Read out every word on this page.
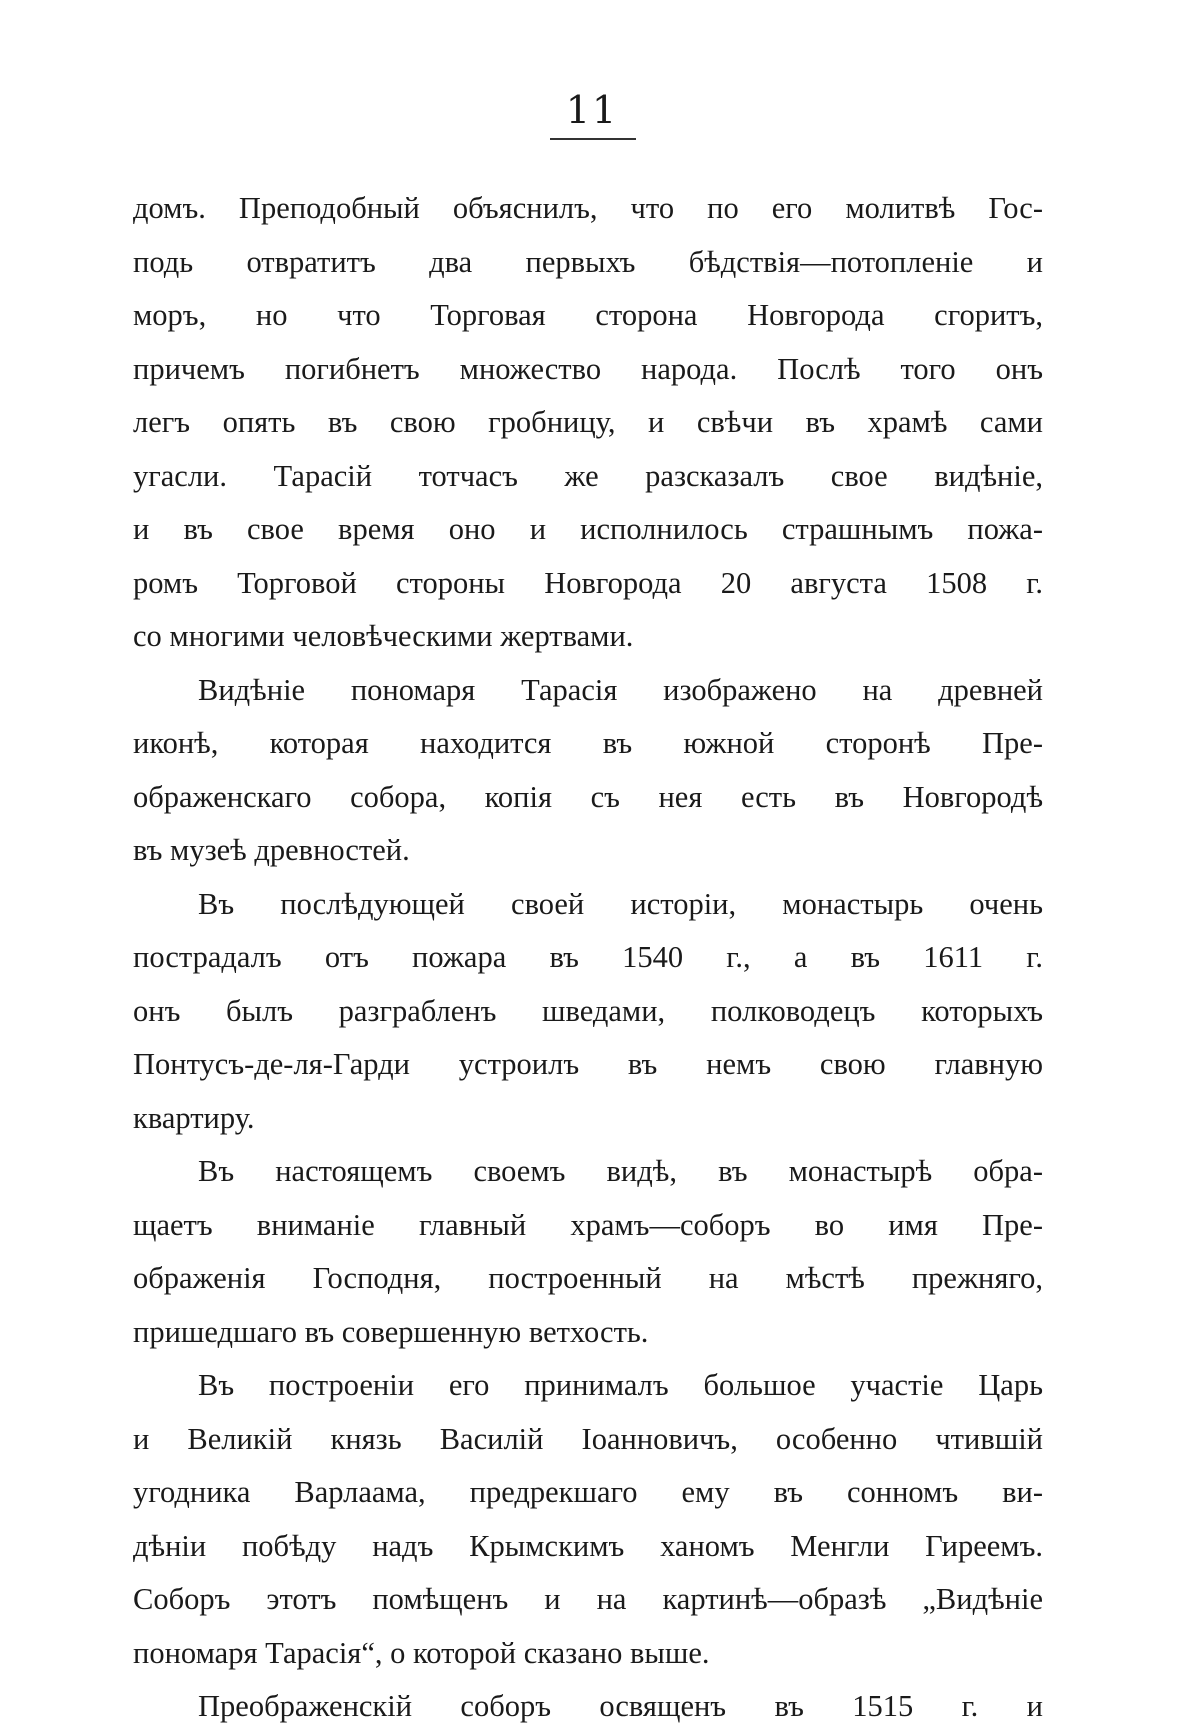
11
домъ. Преподобный объяснилъ, что по его молитвѣ Гос-
подь отвратитъ два первыхъ бѣдствія—потопленіе и
моръ, но что Торговая сторона Новгорода сгоритъ,
причемъ погибнетъ множество народа. Послѣ того онъ
легъ опять въ свою гробницу, и свѣчи въ храмѣ сами
угасли. Тарасій тотчасъ же разсказалъ свое видѣніе,
и въ свое время оно и исполнилось страшнымъ пожа-
ромъ Торговой стороны Новгорода 20 августа 1508 г.
со многими человѣческими жертвами.
Видѣніе пономаря Тарасія изображено на древней
иконѣ, которая находится въ южной сторонѣ Пре-
ображенскаго собора, копія съ нея есть въ Новгородѣ
въ музеѣ древностей.
Въ послѣдующей своей исторіи, монастырь очень
пострадалъ отъ пожара въ 1540 г., а въ 1611 г.
онъ былъ разграбленъ шведами, полководецъ которыхъ
Понтусъ-де-ля-Гарди устроилъ въ немъ свою главную
квартиру.
Въ настоящемъ своемъ видѣ, въ монастырѣ обра-
щаетъ вниманіе главный храмъ—соборъ во имя Пре-
ображенія Господня, построенный на мѣстѣ прежняго,
пришедшаго въ совершенную ветхость.
Въ построеніи его принималъ большое участіе Царь
и Великій князь Василій Іоанновичъ, особенно чтившій
угодника Варлаама, предрекшаго ему въ сонномъ ви-
дѣніи побѣду надъ Крымскимъ ханомъ Менгли Гиреемъ.
Соборъ этотъ помѣщенъ и на картинѣ—образѣ „Видѣніе
пономаря Тарасія“, о которой сказано выше.
Преображенскій соборъ освященъ въ 1515 г. и
